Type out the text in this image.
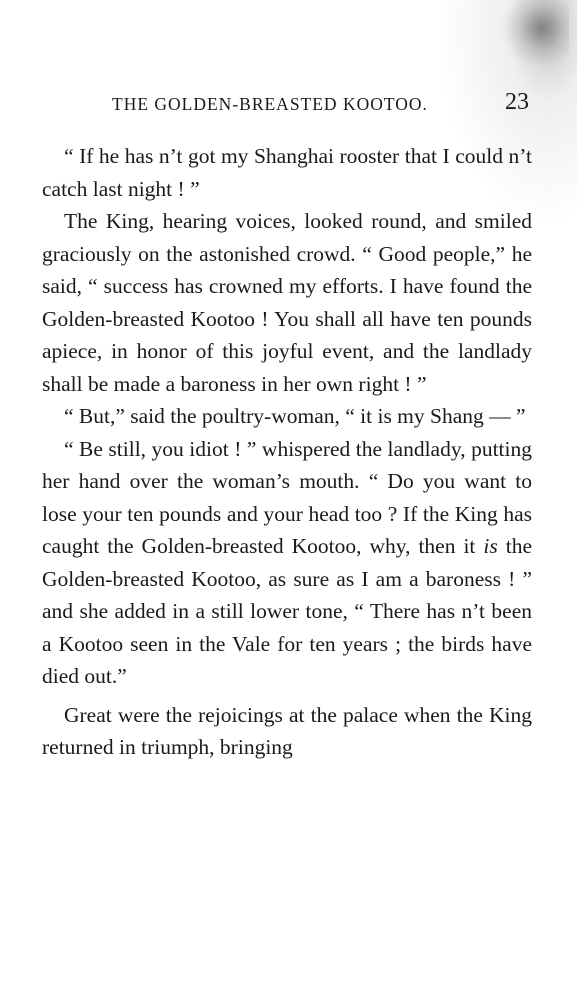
THE GOLDEN-BREASTED KOOTOO.	23

“ If he has n’t got my Shanghai rooster that I could n’t catch last night ! ”

The King, hearing voices, looked round, and smiled graciously on the astonished crowd. “ Good people,” he said, “ success has crowned my efforts. I have found the Golden-breasted Kootoo ! You shall all have ten pounds apiece, in honor of this joyful event, and the landlady shall be made a baroness in her own right ! ”

“ But,” said the poultry-woman, “ it is my Shang — ”

“ Be still, you idiot ! ” whispered the landlady, putting her hand over the woman’s mouth. “ Do you want to lose your ten pounds and your head too ? If the King has caught the Golden-breasted Kootoo, why, then it is the Golden-breasted Kootoo, as sure as I am a baroness ! ” and she added in a still lower tone, “ There has n’t been a Kootoo seen in the Vale for ten years ; the birds have died out.”

Great were the rejoicings at the palace when the King returned in triumph, bringing
